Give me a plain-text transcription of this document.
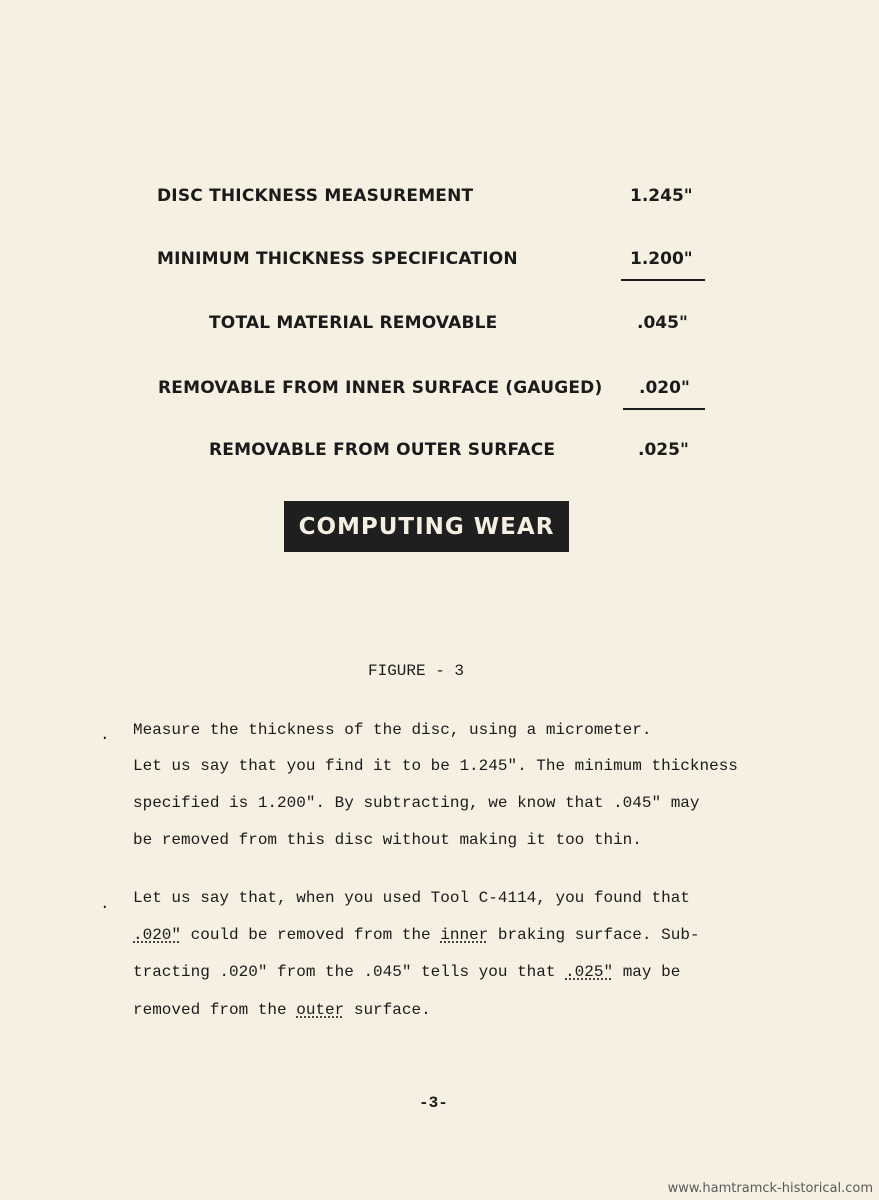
DISC THICKNESS MEASUREMENT	1.245"
MINIMUM THICKNESS SPECIFICATION	1.200"
TOTAL MATERIAL REMOVABLE	.045"
REMOVABLE FROM INNER SURFACE (GAUGED) .020"
REMOVABLE FROM OUTER SURFACE	.025"
COMPUTING WEAR
FIGURE - 3
. Measure the thickness of the disc, using a micrometer.
Let us say that you find it to be 1.245". The minimum thickness
specified is 1.200". By subtracting, we know that .045" may
be removed from this disc without making it too thin.
. Let us say that, when you used Tool C-4114, you found that
.020" could be removed from the inner braking surface. Sub-
tracting .020" from the .045" tells you that .025" may be
removed from the outer surface.
-3-
www.hamtramck-historical.com
